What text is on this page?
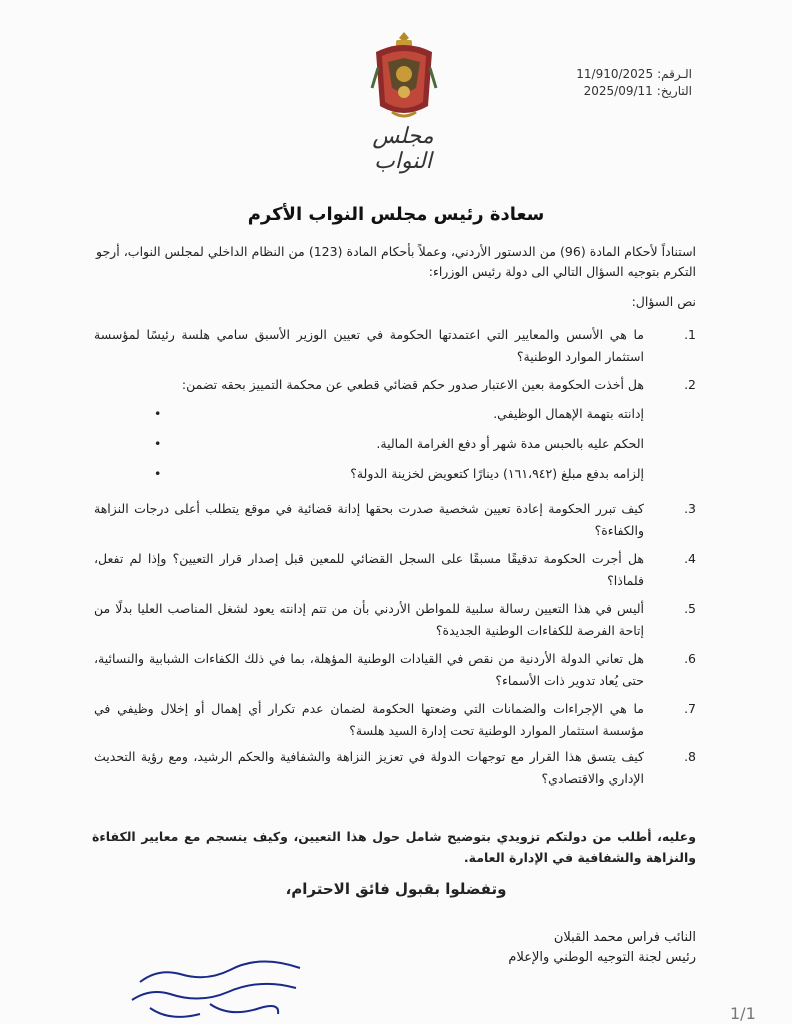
مجلس النواب
الـرقم:11/910/2025
التاريخ:2025/09/11
سعادة رئيس مجلس النواب الأكرم
استناداً لأحكام المادة (96) من الدستور الأردني، وعملاً بأحكام المادة (123) من النظام الداخلي لمجلس النواب، أرجو التكرم بتوجيه السؤال التالي الى دولة رئيس الوزراء:
نص السؤال:
1.
ما هي الأسس والمعايير التي اعتمدتها الحكومة في تعيين الوزير الأسبق سامي هلسة رئيسًا لمؤسسة استثمار الموارد الوطنية؟
2.
هل أخذت الحكومة بعين الاعتبار صدور حكم قضائي قطعي عن محكمة التمييز بحقه تضمن:
•	إدانته بتهمة الإهمال الوظيفي.
•	الحكم عليه بالحبس مدة شهر أو دفع الغرامة المالية.
•	إلزامه بدفع مبلغ (١٦١،٩٤٢) دينارًا كتعويض لخزينة الدولة؟
3.
كيف تبرر الحكومة إعادة تعيين شخصية صدرت بحقها إدانة قضائية في موقع يتطلب أعلى درجات النزاهة والكفاءة؟
4.
هل أجرت الحكومة تدقيقًا مسبقًا على السجل القضائي للمعين قبل إصدار قرار التعيين؟ وإذا لم تفعل، فلماذا؟
5.
أليس في هذا التعيين رسالة سلبية للمواطن الأردني بأن من تتم إدانته يعود لشغل المناصب العليا بدلًا من إتاحة الفرصة للكفاءات الوطنية الجديدة؟
6.
هل تعاني الدولة الأردنية من نقص في القيادات الوطنية المؤهلة، بما في ذلك الكفاءات الشبابية والنسائية، حتى يُعاد تدوير ذات الأسماء؟
7.
ما هي الإجراءات والضمانات التي وضعتها الحكومة لضمان عدم تكرار أي إهمال أو إخلال وظيفي في مؤسسة استثمار الموارد الوطنية تحت إدارة السيد هلسة؟
8.
كيف يتسق هذا القرار مع توجهات الدولة في تعزيز النزاهة والشفافية والحكم الرشيد، ومع رؤية التحديث الإداري والاقتصادي؟
وعليه، أطلب من دولتكم تزويدي بتوضيح شامل حول هذا التعيين، وكيف ينسجم مع معايير الكفاءة والنزاهة والشفافية في الإدارة العامة.
وتفضلوا بقبول فائق الاحترام،
النائب فراس محمد القبلان
رئيس لجنة التوجيه الوطني والإعلام
1/1
